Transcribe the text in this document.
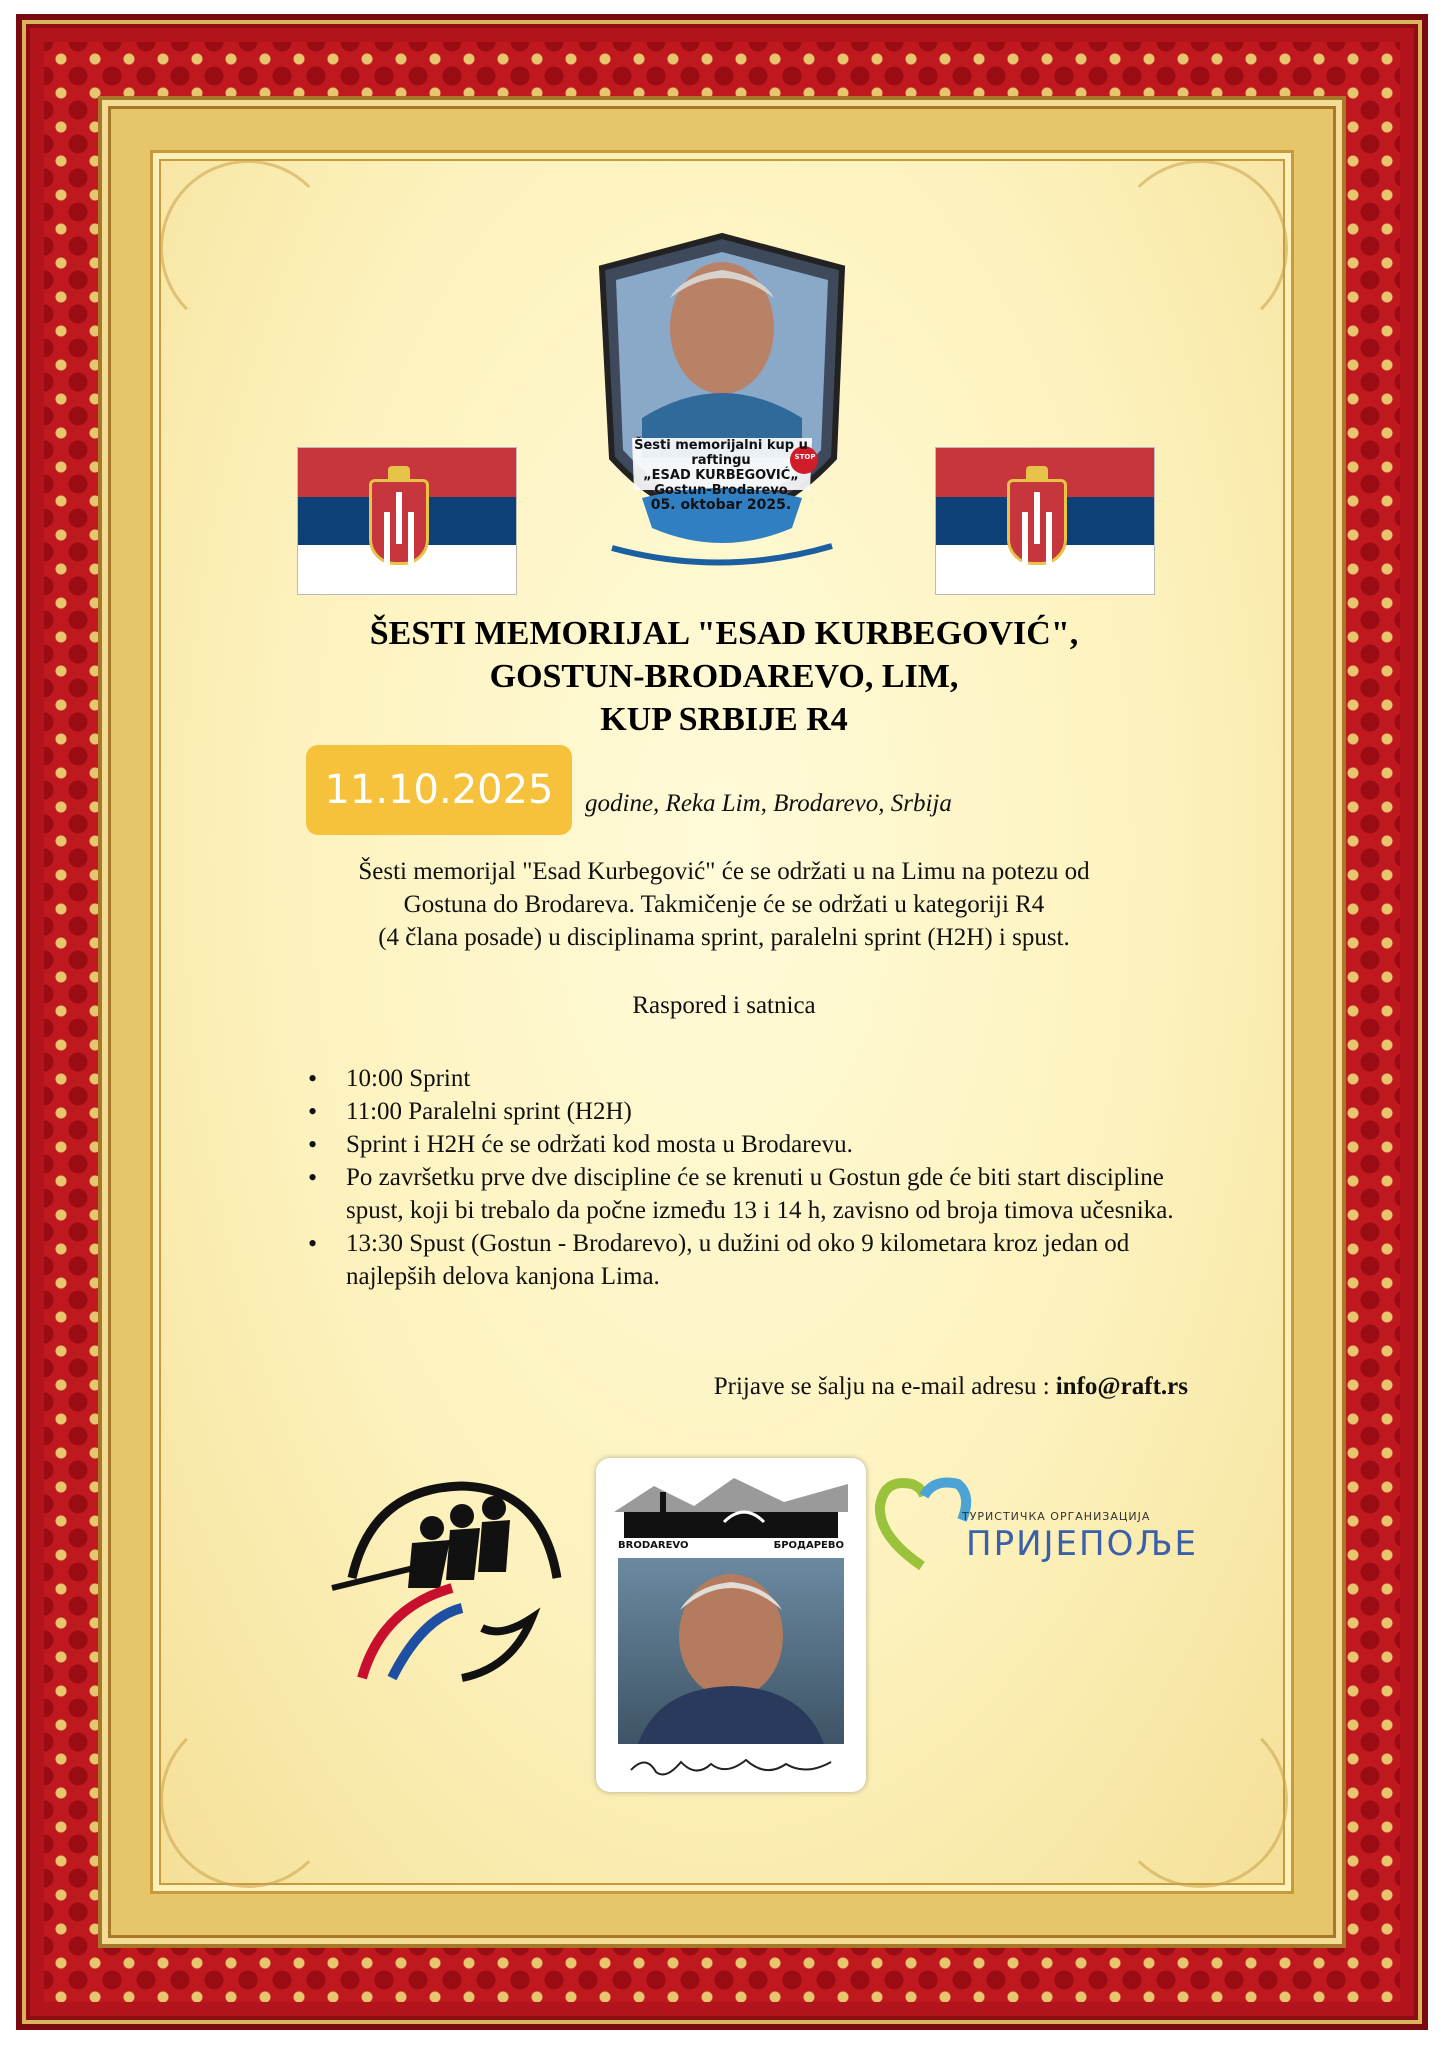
Šesti memorijalni kup u raftingu
„ESAD KURBEGOVIĆ„
Gostun-Brodarevo
05. oktobar 2025.
STOP
ŠESTI MEMORIJAL "ESAD KURBEGOVIĆ",
GOSTUN-BRODAREVO, LIM,
KUP SRBIJE R4
11.10.2025	godine, Reka Lim, Brodarevo, Srbija
Šesti memorijal "Esad Kurbegović" će se održati u na Limu na potezu od
Gostuna do Brodareva. Takmičenje će se održati u kategoriji R4
(4 člana posade) u disciplinama sprint, paralelni sprint (H2H) i spust.
Raspored i satnica
• 10:00 Sprint
• 11:00 Paralelni sprint (H2H)
• Sprint i H2H će se održati kod mosta u Brodarevu.
• Po završetku prve dve discipline će se krenuti u Gostun gde će biti start discipline spust, koji bi trebalo da počne između 13 i 14 h, zavisno od broja timova učesnika.
• 13:30 Spust (Gostun - Brodarevo), u dužini od oko 9 kilometara kroz jedan od najlepših delova kanjona Lima.
Prijave se šalju na e-mail adresu : info@raft.rs
BRODAREVO	БРОДАРЕВО
ТУРИСТИЧКА ОРГАНИЗАЦИЈА
ПРИЈЕПОЉЕ
